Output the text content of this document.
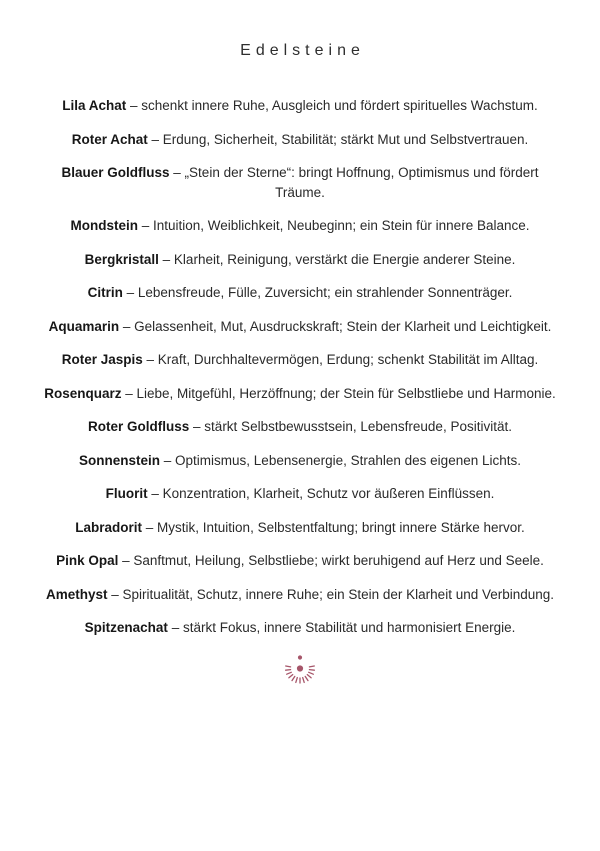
Edelsteine

Lila Achat – schenkt innere Ruhe, Ausgleich und fördert spirituelles Wachstum.

Roter Achat – Erdung, Sicherheit, Stabilität; stärkt Mut und Selbstvertrauen.

Blauer Goldfluss – „Stein der Sterne“: bringt Hoffnung, Optimismus und fördert Träume.

Mondstein – Intuition, Weiblichkeit, Neubeginn; ein Stein für innere Balance.

Bergkristall – Klarheit, Reinigung, verstärkt die Energie anderer Steine.

Citrin – Lebensfreude, Fülle, Zuversicht; ein strahlender Sonnenträger.

Aquamarin – Gelassenheit, Mut, Ausdruckskraft; Stein der Klarheit und Leichtigkeit.

Roter Jaspis – Kraft, Durchhaltevermögen, Erdung; schenkt Stabilität im Alltag.

Rosenquarz – Liebe, Mitgefühl, Herzöffnung; der Stein für Selbstliebe und Harmonie.

Roter Goldfluss – stärkt Selbstbewusstsein, Lebensfreude, Positivität.

Sonnenstein – Optimismus, Lebensenergie, Strahlen des eigenen Lichts.

Fluorit – Konzentration, Klarheit, Schutz vor äußeren Einflüssen.

Labradorit – Mystik, Intuition, Selbstentfaltung; bringt innere Stärke hervor.

Pink Opal – Sanftmut, Heilung, Selbstliebe; wirkt beruhigend auf Herz und Seele.

Amethyst – Spiritualität, Schutz, innere Ruhe; ein Stein der Klarheit und Verbindung.

Spitzenachat – stärkt Fokus, innere Stabilität und harmonisiert Energie.
